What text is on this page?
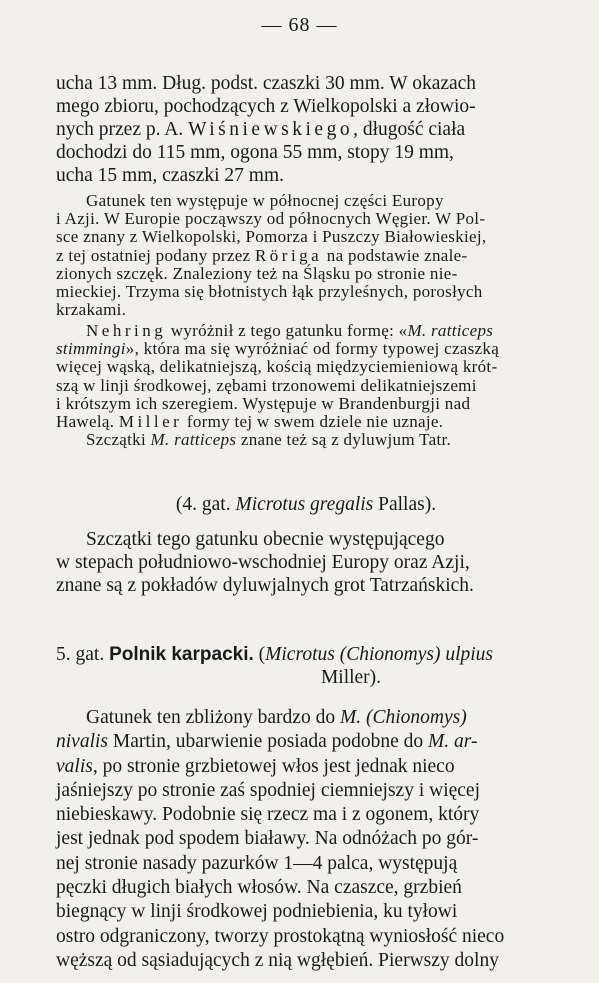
— 68 —
ucha 13 mm. Dług. podst. czaszki 30 mm. W okazach
mego zbioru, pochodzących z Wielkopolski a złowio-
nych przez p. A. Wiśniewskiego, długość ciała
dochodzi do 115 mm, ogona 55 mm, stopy 19 mm,
ucha 15 mm, czaszki 27 mm.
Gatunek ten występuje w północnej części Europy
i Azji. W Europie począwszy od północnych Węgier. W Pol-
sce znany z Wielkopolski, Pomorza i Puszczy Białowieskiej,
z tej ostatniej podany przez Röriga na podstawie znale-
zionych szczęk. Znaleziony też na Śląsku po stronie nie-
mieckiej. Trzyma się błotnistych łąk przyleśnych, porosłych
krzakami.
Nehring wyróżnił z tego gatunku formę: «M. ratticeps
stimmingi», która ma się wyróżniać od formy typowej czaszką
więcej wąską, delikatniejszą, kością międzyciemieniową krót-
szą w linji środkowej, zębami trzonowemi delikatniejszemi
i krótszym ich szeregiem. Występuje w Brandenburgji nad
Hawelą. Miller formy tej w swem dziele nie uznaje.
Szczątki M. ratticeps znane też są z dyluwjum Tatr.
(4. gat. Microtus gregalis Pallas).
Szczątki tego gatunku obecnie występującego
w stepach południowo-wschodniej Europy oraz Azji,
znane są z pokładów dyluwjalnych grot Tatrzańskich.
5. gat. Polnik karpacki. (Microtus (Chionomys) ulpius
Miller).
Gatunek ten zbliżony bardzo do M. (Chionomys)
nivalis Martin, ubarwienie posiada podobne do M. ar-
valis, po stronie grzbietowej włos jest jednak nieco
jaśniejszy po stronie zaś spodniej ciemniejszy i więcej
niebieskawy. Podobnie się rzecz ma i z ogonem, który
jest jednak pod spodem białawy. Na odnóżach po gór-
nej stronie nasady pazurków 1—4 palca, występują
pęczki długich białych włosów. Na czaszce, grzbień
biegnący w linji środkowej podniebienia, ku tyłowi
ostro odgraniczony, tworzy prostokątną wyniosłość nieco
węższą od sąsiadujących z nią wgłębień. Pierwszy dolny
